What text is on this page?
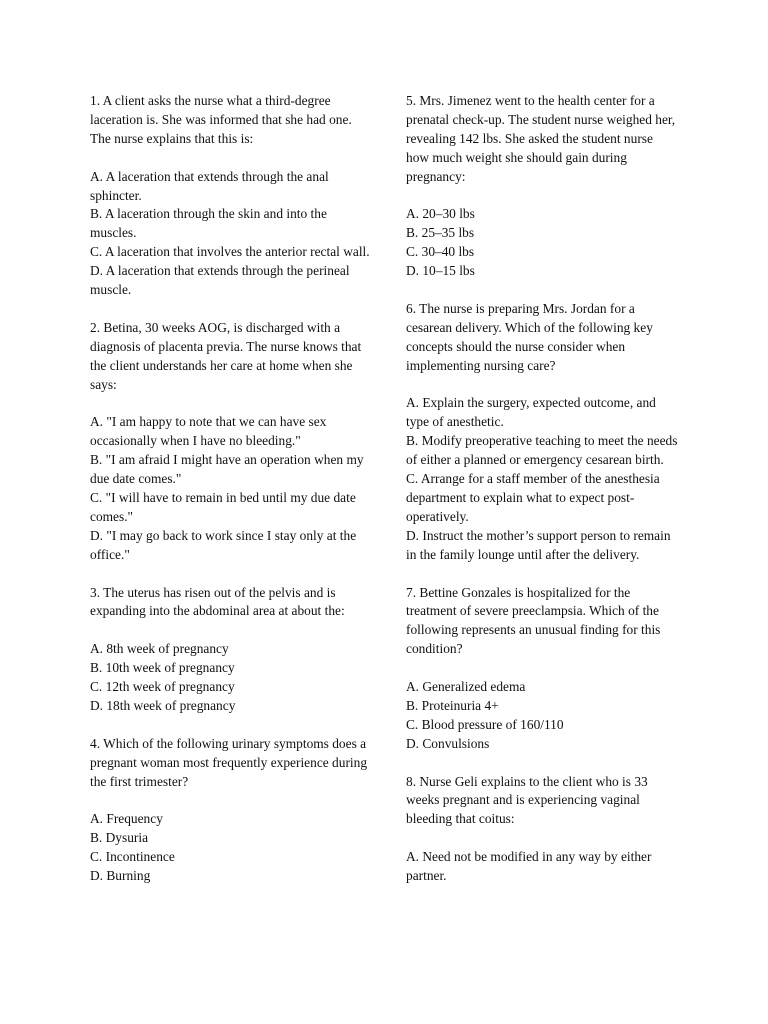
1. A client asks the nurse what a third-degree laceration is. She was informed that she had one. The nurse explains that this is:
A. A laceration that extends through the anal sphincter.
B. A laceration through the skin and into the muscles.
C. A laceration that involves the anterior rectal wall.
D. A laceration that extends through the perineal muscle.
2. Betina, 30 weeks AOG, is discharged with a diagnosis of placenta previa. The nurse knows that the client understands her care at home when she says:
A. "I am happy to note that we can have sex occasionally when I have no bleeding."
B. "I am afraid I might have an operation when my due date comes."
C. "I will have to remain in bed until my due date comes."
D. "I may go back to work since I stay only at the office."
3. The uterus has risen out of the pelvis and is expanding into the abdominal area at about the:
A. 8th week of pregnancy
B. 10th week of pregnancy
C. 12th week of pregnancy
D. 18th week of pregnancy
4. Which of the following urinary symptoms does a pregnant woman most frequently experience during the first trimester?
A. Frequency
B. Dysuria
C. Incontinence
D. Burning
5. Mrs. Jimenez went to the health center for a prenatal check-up. The student nurse weighed her, revealing 142 lbs. She asked the student nurse how much weight she should gain during pregnancy:
A. 20–30 lbs
B. 25–35 lbs
C. 30–40 lbs
D. 10–15 lbs
6. The nurse is preparing Mrs. Jordan for a cesarean delivery. Which of the following key concepts should the nurse consider when implementing nursing care?
A. Explain the surgery, expected outcome, and type of anesthetic.
B. Modify preoperative teaching to meet the needs of either a planned or emergency cesarean birth.
C. Arrange for a staff member of the anesthesia department to explain what to expect post-operatively.
D. Instruct the mother’s support person to remain in the family lounge until after the delivery.
7. Bettine Gonzales is hospitalized for the treatment of severe preeclampsia. Which of the following represents an unusual finding for this condition?
A. Generalized edema
B. Proteinuria 4+
C. Blood pressure of 160/110
D. Convulsions
8. Nurse Geli explains to the client who is 33 weeks pregnant and is experiencing vaginal bleeding that coitus:
A. Need not be modified in any way by either partner.
